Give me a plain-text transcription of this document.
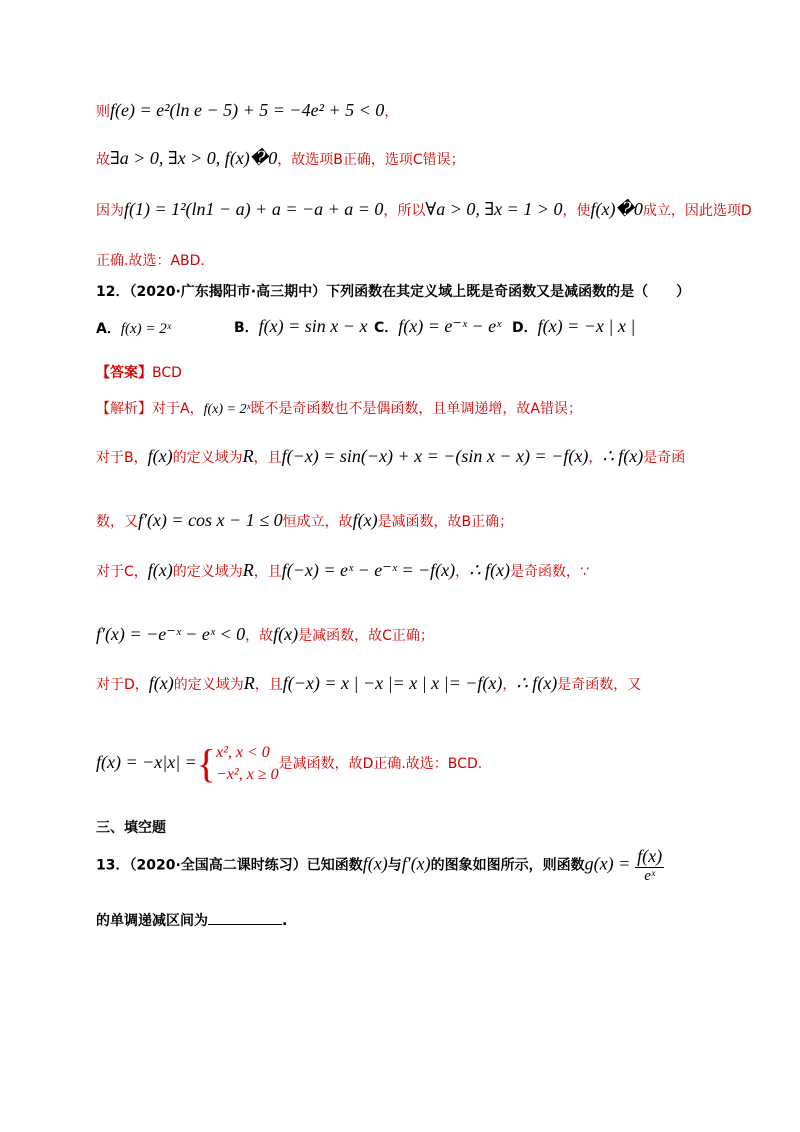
则f(e) = e²(ln e − 5) + 5 = −4e² + 5 < 0，
故∃a > 0, ∃x > 0, f(x)�0，故选项B正确，选项C错误；
因为f(1) = 1²(ln1 − a) + a = −a + a = 0，所以∀a > 0, ∃x = 1 > 0，使f(x)�0成立，因此选项D
正确.故选：ABD.
12．（2020·广东揭阳市·高三期中）下列函数在其定义域上既是奇函数又是减函数的是（　　）
A．f(x) = 2ˣ	B．f(x) = sin x − x C．f(x) = e⁻ˣ − eˣ D．f(x) = −x | x |
【答案】BCD
【解析】对于A，f(x) = 2ˣ既不是奇函数也不是偶函数，且单调递增，故A错误；
对于B，f(x)的定义域为R，且f(−x) = sin(−x) + x = −(sin x − x) = −f(x)，∴ f(x)是奇函
数，又f′(x) = cos x − 1 ≤ 0恒成立，故f(x)是减函数，故B正确；
对于C，f(x)的定义域为R，且f(−x) = eˣ − e⁻ˣ = −f(x)，∴ f(x)是奇函数，∵
f′(x) = −e⁻ˣ − eˣ < 0，故f(x)是减函数，故C正确；
对于D，f(x)的定义域为R，且f(−x) = x | −x |= x | x |= −f(x)，∴ f(x)是奇函数，又
f(x) = −x|x| ={ x², x < 0
−x², x ≥ 0
是减函数，故D正确.故选：BCD.
三、填空题
13．（2020·全国高二课时练习）已知函数f(x)与f′(x)的图象如图所示，则函数$g(x) = \frac{f(x)}{\text{eˣ}}$
的单调递减区间为	.
